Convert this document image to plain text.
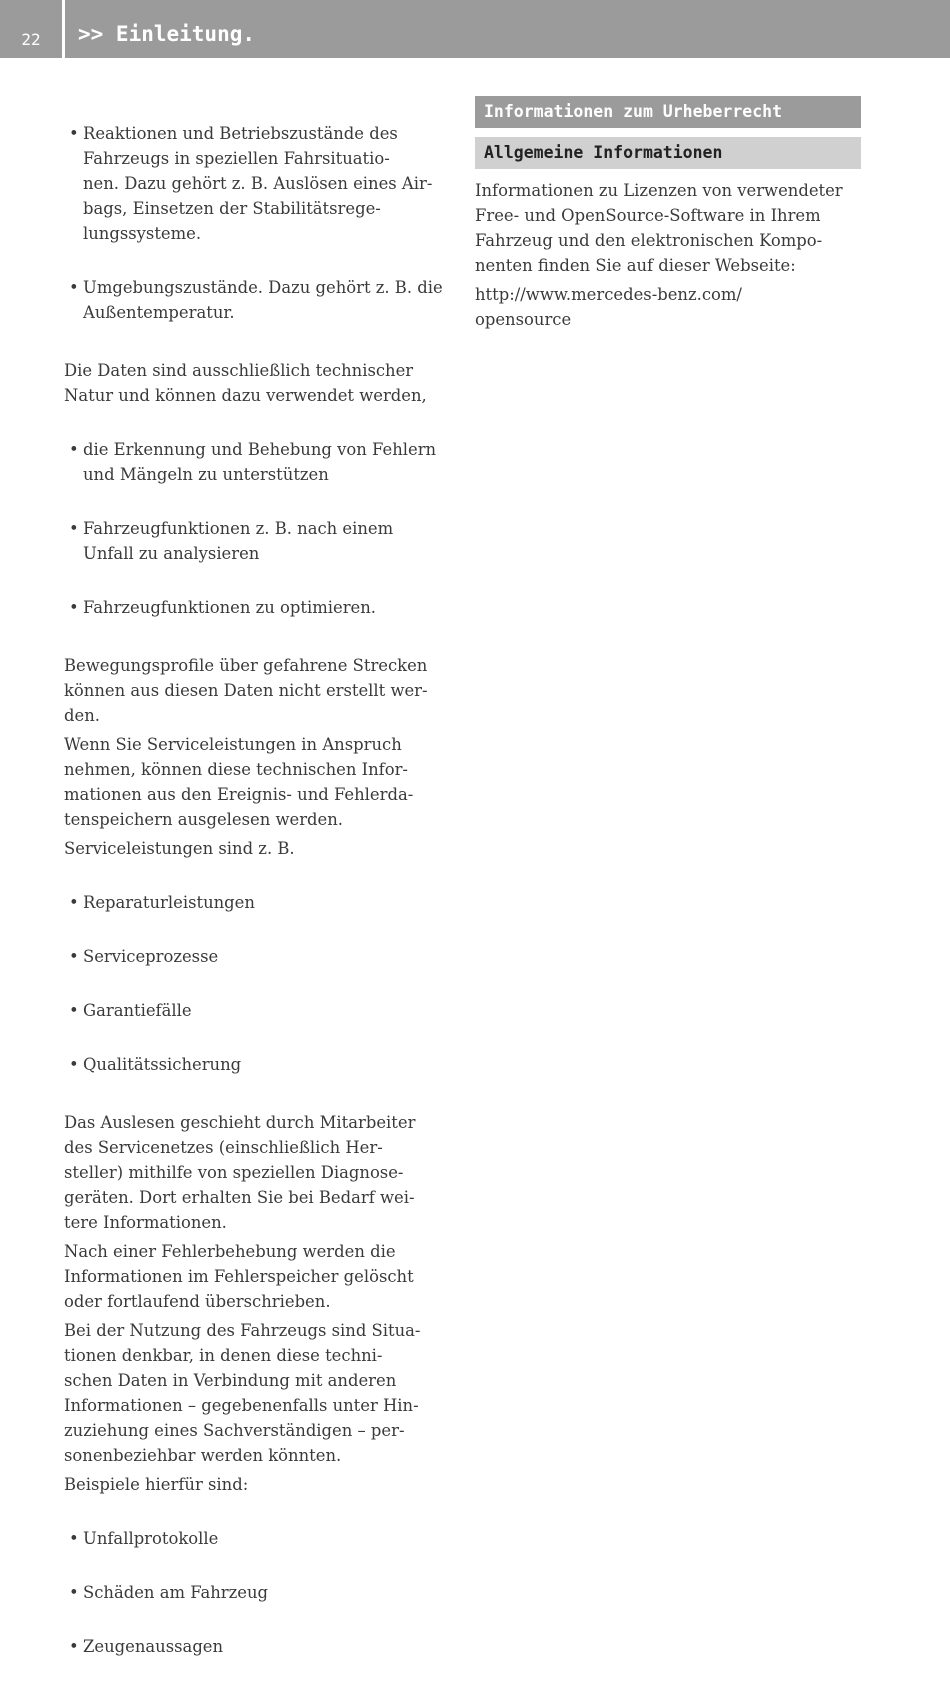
22	>> Einleitung.

• Reaktionen und Betriebszustände des
Fahrzeugs in speziellen Fahrsituatio-
nen. Dazu gehört z. B. Auslösen eines Air-
bags, Einsetzen der Stabilitätsrege-
lungssysteme.

• Umgebungszustände. Dazu gehört z. B. die
Außentemperatur.

Die Daten sind ausschließlich technischer
Natur und können dazu verwendet werden,

• die Erkennung und Behebung von Fehlern
und Mängeln zu unterstützen

• Fahrzeugfunktionen z. B. nach einem
Unfall zu analysieren

• Fahrzeugfunktionen zu optimieren.

Bewegungsprofile über gefahrene Strecken
können aus diesen Daten nicht erstellt wer-
den.

Wenn Sie Serviceleistungen in Anspruch
nehmen, können diese technischen Infor-
mationen aus den Ereignis- und Fehlerda-
tenspeichern ausgelesen werden.

Serviceleistungen sind z. B.

• Reparaturleistungen

• Serviceprozesse

• Garantiefälle

• Qualitätssicherung

Das Auslesen geschieht durch Mitarbeiter
des Servicenetzes (einschließlich Her-
steller) mithilfe von speziellen Diagnose-
geräten. Dort erhalten Sie bei Bedarf wei-
tere Informationen.

Nach einer Fehlerbehebung werden die
Informationen im Fehlerspeicher gelöscht
oder fortlaufend überschrieben.

Bei der Nutzung des Fahrzeugs sind Situa-
tionen denkbar, in denen diese techni-
schen Daten in Verbindung mit anderen
Informationen – gegebenenfalls unter Hin-
zuziehung eines Sachverständigen – per-
sonenbeziehbar werden könnten.

Beispiele hierfür sind:

• Unfallprotokolle

• Schäden am Fahrzeug

• Zeugenaussagen

Informationen zum Urheberrecht
Allgemeine Informationen

Informationen zu Lizenzen von verwendeter
Free- und OpenSource-Software in Ihrem
Fahrzeug und den elektronischen Kompo-
nenten finden Sie auf dieser Webseite:

http://www.mercedes-benz.com/
opensource
